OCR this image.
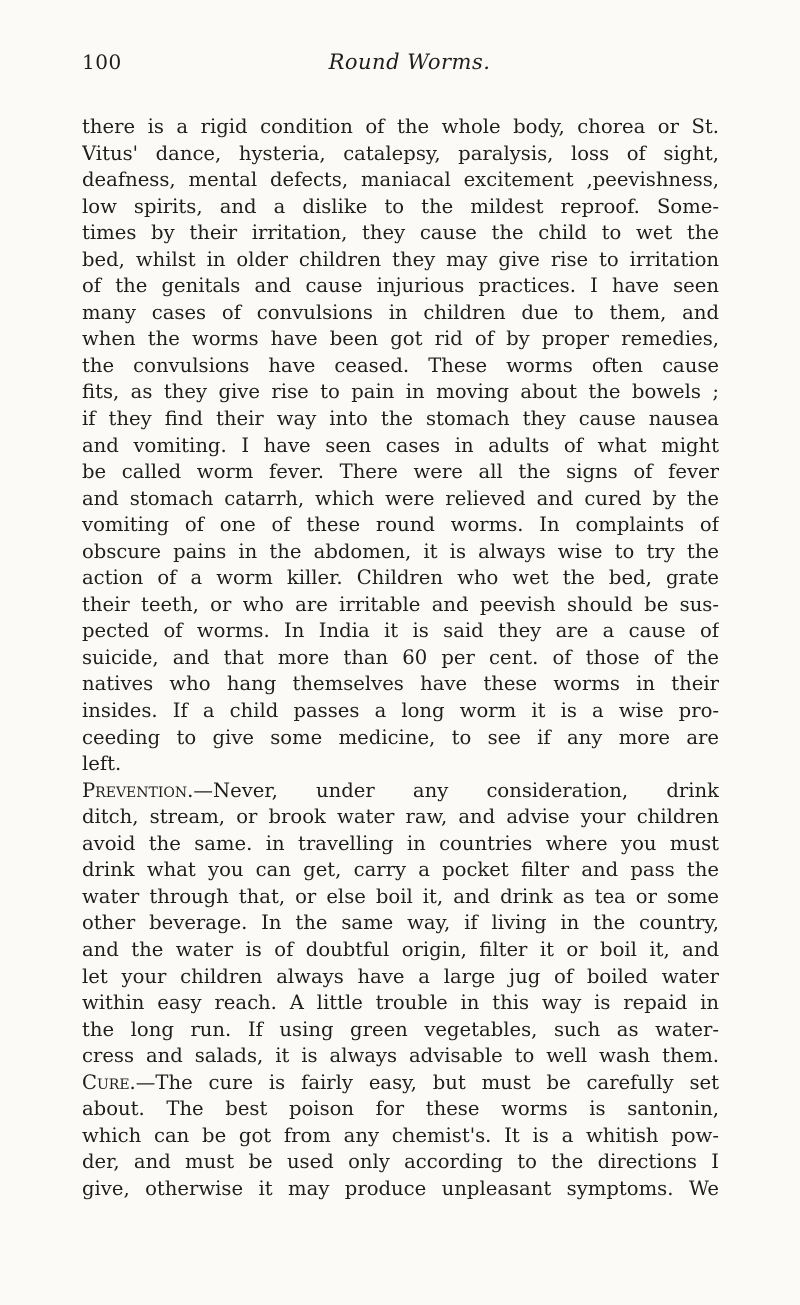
100	Round Worms.
there is a rigid condition of the whole body, chorea or St.
Vitus' dance, hysteria, catalepsy, paralysis, loss of sight,
deafness, mental defects, maniacal excitement ,peevishness,
low spirits, and a dislike to the mildest reproof. Some-
times by their irritation, they cause the child to wet the
bed, whilst in older children they may give rise to irritation
of the genitals and cause injurious practices. I have seen
many cases of convulsions in children due to them, and
when the worms have been got rid of by proper remedies,
the convulsions have ceased. These worms often cause
fits, as they give rise to pain in moving about the bowels ;
if they find their way into the stomach they cause nausea
and vomiting. I have seen cases in adults of what might
be called worm fever. There were all the signs of fever
and stomach catarrh, which were relieved and cured by the
vomiting of one of these round worms. In complaints of
obscure pains in the abdomen, it is always wise to try the
action of a worm killer. Children who wet the bed, grate
their teeth, or who are irritable and peevish should be sus-
pected of worms. In India it is said they are a cause of
suicide, and that more than 60 per cent. of those of the
natives who hang themselves have these worms in their
insides. If a child passes a long worm it is a wise pro-
ceeding to give some medicine, to see if any more are
left.
Prevention.—Never, under any consideration, drink
ditch, stream, or brook water raw, and advise your children
avoid the same. in travelling in countries where you must
drink what you can get, carry a pocket filter and pass the
water through that, or else boil it, and drink as tea or some
other beverage. In the same way, if living in the country,
and the water is of doubtful origin, filter it or boil it, and
let your children always have a large jug of boiled water
within easy reach. A little trouble in this way is repaid in
the long run. If using green vegetables, such as water-
cress and salads, it is always advisable to well wash them.
Cure.—The cure is fairly easy, but must be carefully set
about. The best poison for these worms is santonin,
which can be got from any chemist's. It is a whitish pow-
der, and must be used only according to the directions I
give, otherwise it may produce unpleasant symptoms. We
